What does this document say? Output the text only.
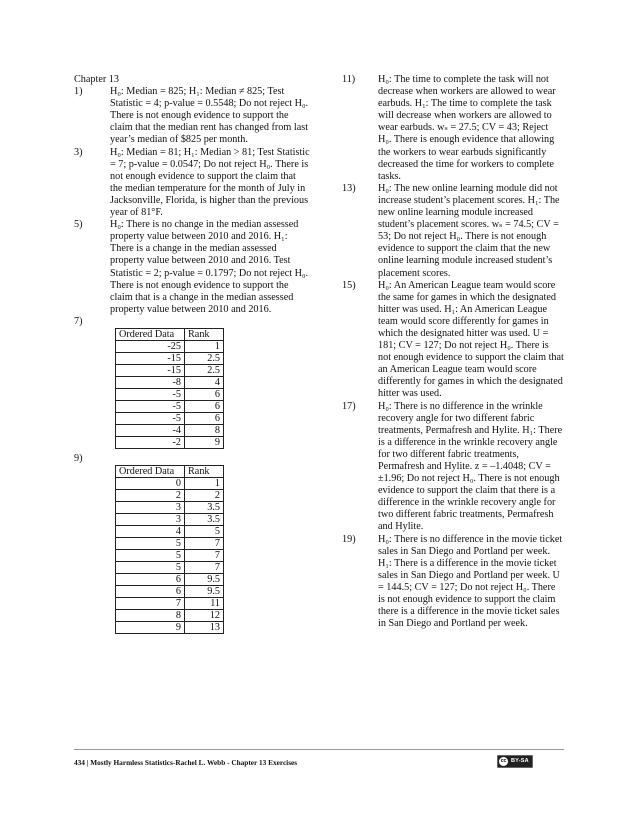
Chapter 13
1)	H₀: Median = 825; H₁: Median ≠ 825; Test Statistic = 4; p-value = 0.5548; Do not reject H₀. There is not enough evidence to support the claim that the median rent has changed from last year’s median of $825 per month.
3)	H₀: Median = 81; H₁: Median > 81; Test Statistic = 7; p-value = 0.0547; Do not reject H₀. There is not enough evidence to support the claim that the median temperature for the month of July in Jacksonville, Florida, is higher than the previous year of 81°F.
5)	H₀: There is no change in the median assessed property value between 2010 and 2016. H₁: There is a change in the median assessed property value between 2010 and 2016. Test Statistic = 2; p-value = 0.1797; Do not reject H₀. There is not enough evidence to support the claim that is a change in the median assessed property value between 2010 and 2016.
7)
Ordered Data	Rank
-25	1
-15	2.5
-15	2.5
-8	4
-5	6
-5	6
-5	6
-4	8
-2	9
9)
Ordered Data	Rank
0	1
2	2
3	3.5
3	3.5
4	5
5	7
5	7
5	7
6	9.5
6	9.5
7	11
8	12
9	13
11)	H₀: The time to complete the task will not decrease when workers are allowed to wear earbuds. H₁: The time to complete the task will decrease when workers are allowed to wear earbuds. wₛ = 27.5; CV = 43; Reject H₀. There is enough evidence that allowing the workers to wear earbuds significantly decreased the time for workers to complete tasks.
13)	H₀: The new online learning module did not increase student’s placement scores. H₁: The new online learning module increased student’s placement scores. wₛ = 74.5; CV = 53; Do not reject H₀. There is not enough evidence to support the claim that the new online learning module increased student’s placement scores.
15)	H₀: An American League team would score the same for games in which the designated hitter was used. H₁: An American League team would score differently for games in which the designated hitter was used. U = 181; CV = 127; Do not reject H₀. There is not enough evidence to support the claim that an American League team would score differently for games in which the designated hitter was used.
17)	H₀: There is no difference in the wrinkle recovery angle for two different fabric treatments, Permafresh and Hylite. H₁: There is a difference in the wrinkle recovery angle for two different fabric treatments, Permafresh and Hylite. z = –1.4048; CV = ±1.96; Do not reject H₀. There is not enough evidence to support the claim that there is a difference in the wrinkle recovery angle for two different fabric treatments, Permafresh and Hylite.
19)	H₀: There is no difference in the movie ticket sales in San Diego and Portland per week. H₁: There is a difference in the movie ticket sales in San Diego and Portland per week. U = 144.5; CV = 127; Do not reject H₀. There is not enough evidence to support the claim there is a difference in the movie ticket sales in San Diego and Portland per week.
434 | Mostly Harmless Statistics-Rachel L. Webb - Chapter 13 Exercises	cc BY-SA
